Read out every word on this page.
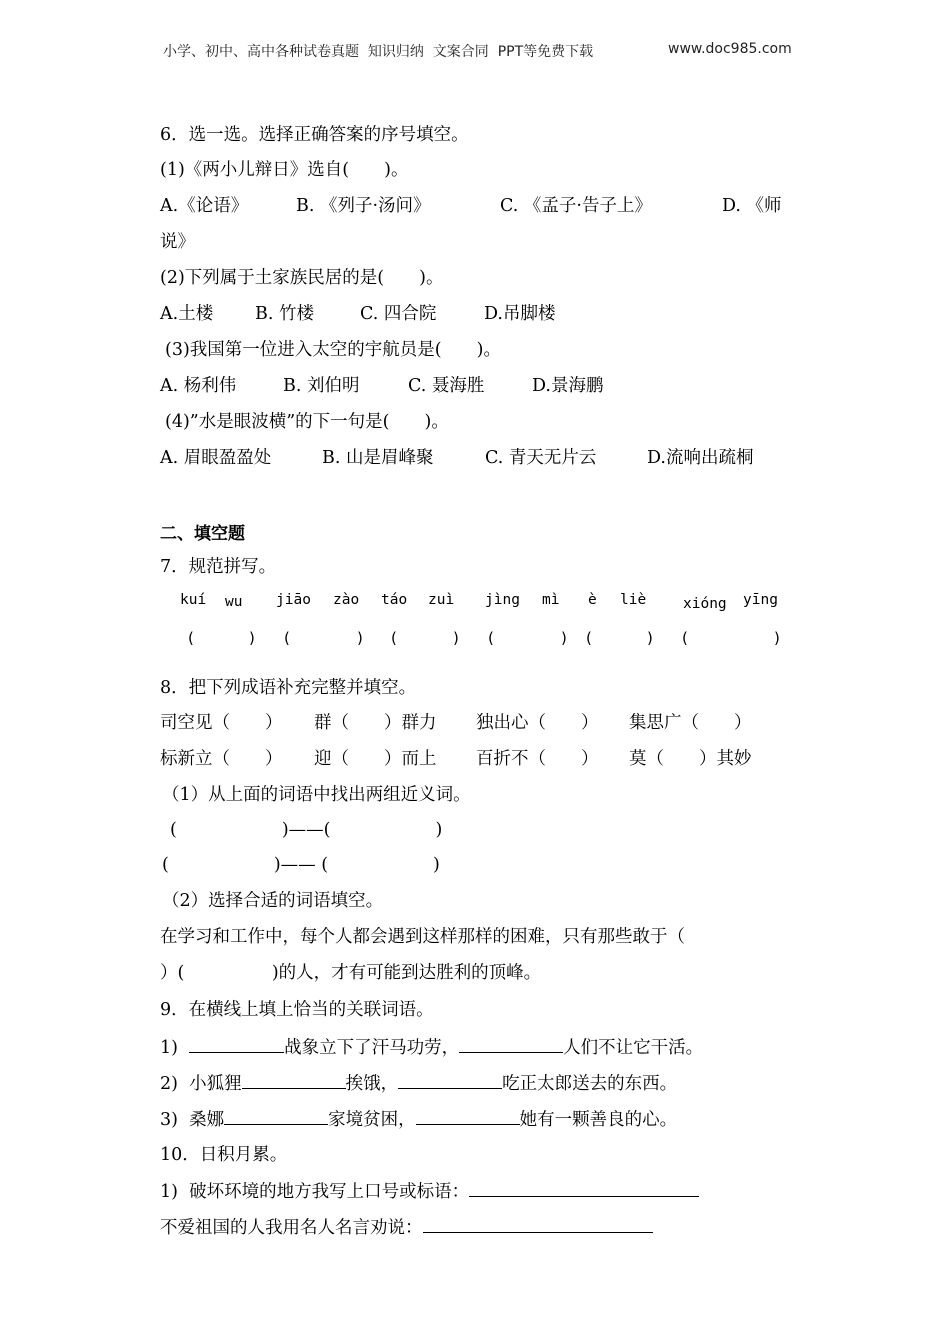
小学、初中、高中各种试卷真题  知识归纳  文案合同  PPT等免费下载	www.doc985.com
6．选一选。选择正确答案的序号填空。
(1)《两小儿辩日》选自(　　)。
A.《论语》	B. 《列子·汤问》	C. 《孟子·告子上》	D. 《师
说》
(2)下列属于土家族民居的是(　　)。
A.土楼 B. 竹楼	C. 四合院	D.吊脚楼
(3)我国第一位进入太空的宇航员是(　　)。
A. 杨利伟	B. 刘伯明	C. 聂海胜	D.景海鹏
(4)”水是眼波横”的下一句是(　　)。
A. 眉眼盈盈处	B. 山是眉峰聚	C. 青天无片云	D.流响出疏桐
二、填空题
7．规范拼写。
kuí wu jiāo zào táo zuì jìng mì è liè	xióng yīng
(	) (	) (	) (	) (	) (	)
8．把下列成语补充完整并填空。
司空见（　　） 群（　　）群力 独出心（　　） 集思广（　　）
标新立（　　） 迎（　　）而上 百折不（　　） 莫（　　）其妙
（1）从上面的词语中找出两组近义词。
(　　　　　　)——(　　　　　　)
(　　　　　　)—— (　　　　　　)
（2）选择合适的词语填空。
在学习和工作中，每个人都会遇到这样那样的困难，只有那些敢于（
）(　　　　　)的人，才有可能到达胜利的顶峰。
9．在横线上填上恰当的关联词语。
1)	战象立下了汗马功劳，	人们不让它干活。
2) 小狐狸	挨饿，	吃正太郎送去的东西。
3) 桑娜	家境贫困，	她有一颗善良的心。
10．日积月累。
1) 破坏环境的地方我写上口号或标语：
不爱祖国的人我用名人名言劝说：
